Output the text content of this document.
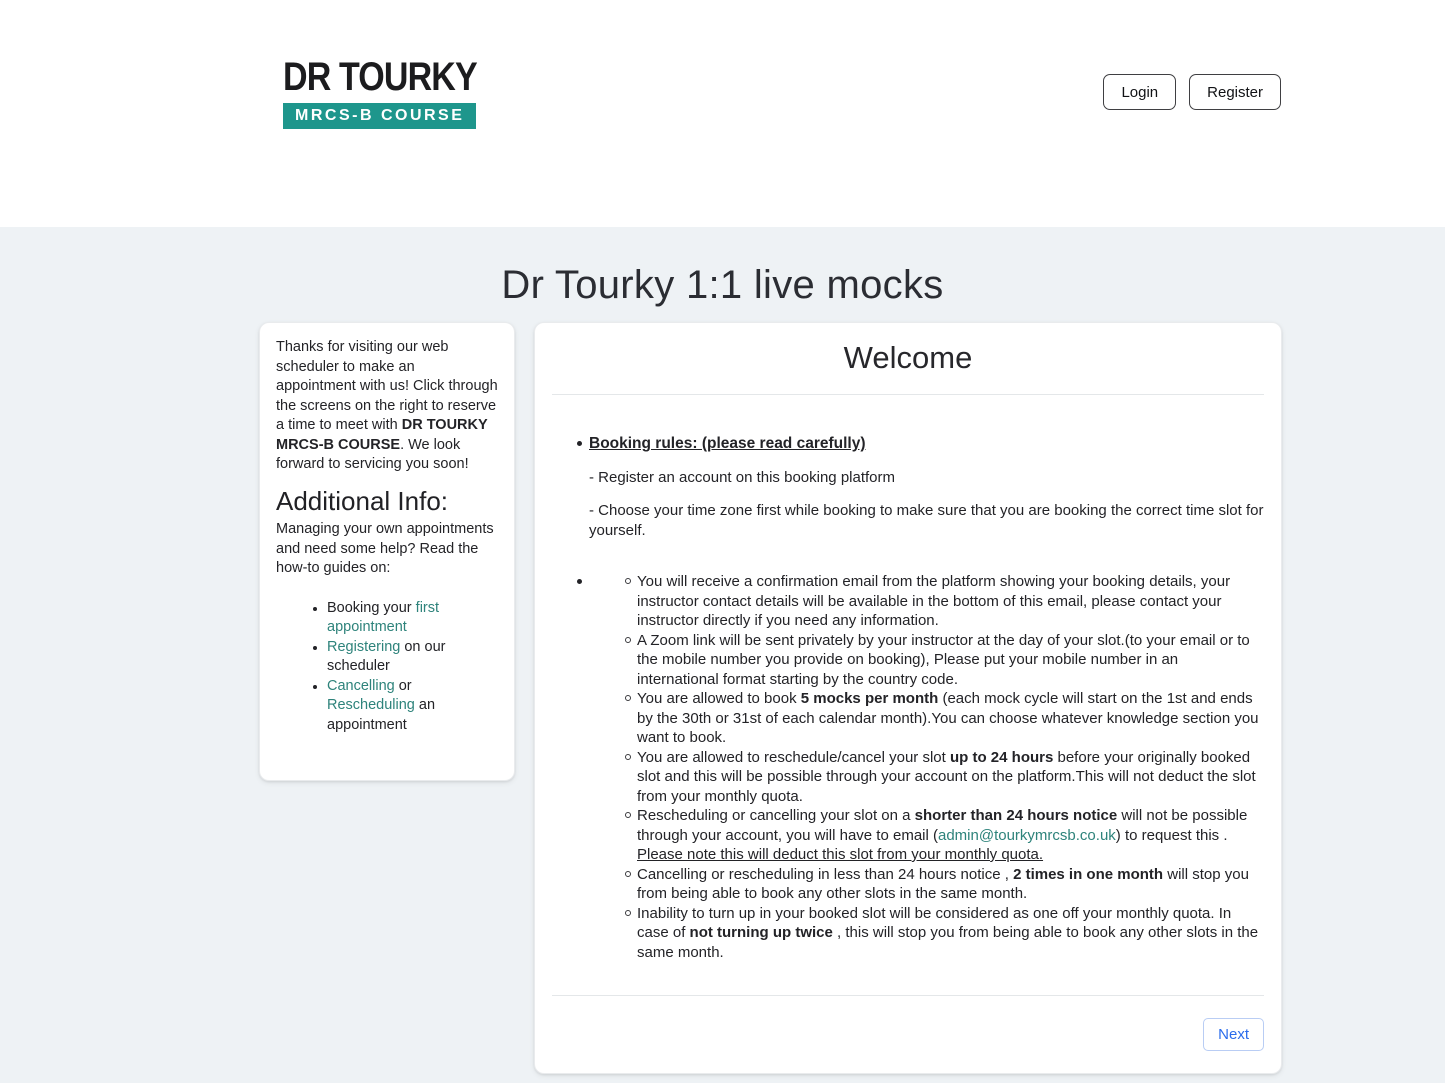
DR TOURKY
MRCS-B COURSE
Login	Register
Dr Tourky 1:1 live mocks

Thanks for visiting our web scheduler to make an appointment with us! Click through the screens on the right to reserve a time to meet with DR TOURKY MRCS-B COURSE. We look forward to servicing you soon!

Additional Info:

Managing your own appointments and need some help? Read the how-to guides on:

Booking your first appointment
Registering on our scheduler
Cancelling or Rescheduling an appointment
Welcome
Booking rules: (please read carefully)

- Register an account on this booking platform

- Choose your time zone first while booking to make sure that you are booking the correct time slot for yourself.

You will receive a confirmation email from the platform showing your booking details, your instructor contact details will be available in the bottom of this email, please contact your instructor directly if you need any information.
A Zoom link will be sent privately by your instructor at the day of your slot.(to your email or to the mobile number you provide on booking), Please put your mobile number in an international format starting by the country code.
You are allowed to book 5 mocks per month (each mock cycle will start on the 1st and ends by the 30th or 31st of each calendar month).You can choose whatever knowledge section you want to book.
You are allowed to reschedule/cancel your slot up to 24 hours before your originally booked slot and this will be possible through your account on the platform.This will not deduct the slot from your monthly quota.
Rescheduling or cancelling your slot on a shorter than 24 hours notice will not be possible through your account, you will have to email (admin@tourkymrcsb.co.uk) to request this . Please note this will deduct this slot from your monthly quota.
Cancelling or rescheduling in less than 24 hours notice , 2 times in one month will stop you from being able to book any other slots in the same month.
Inability to turn up in your booked slot will be considered as one off your monthly quota. In case of not turning up twice , this will stop you from being able to book any other slots in the same month.
Next
